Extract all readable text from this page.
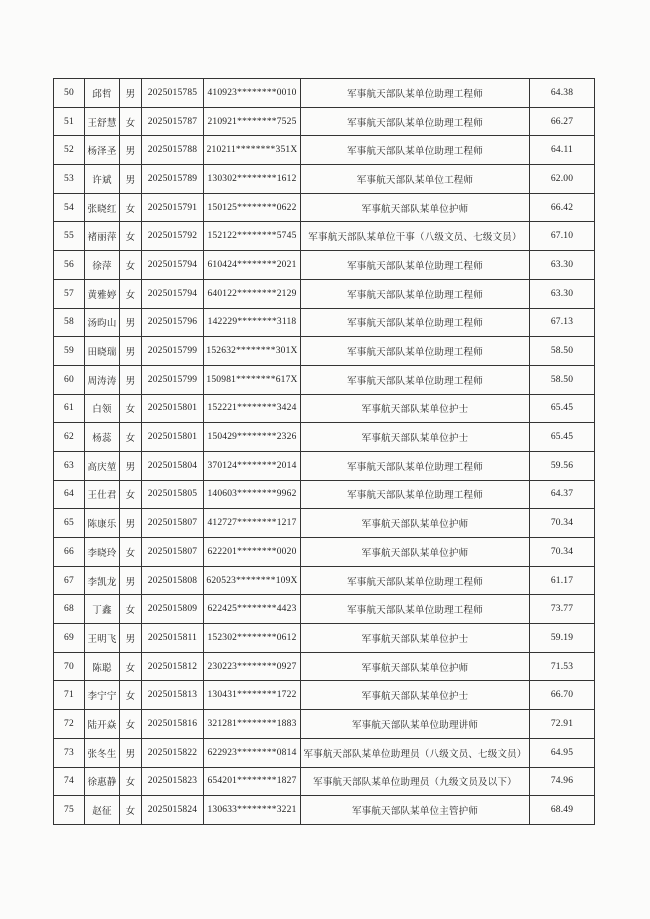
50	邱哲	男	2025015785	410923********0010	军事航天部队某单位助理工程师	64.38
51	王舒慧	女	2025015787	210921********7525	军事航天部队某单位助理工程师	66.27
52	杨泽圣	男	2025015788	210211********351X	军事航天部队某单位助理工程师	64.11
53	许斌	男	2025015789	130302********1612	军事航天部队某单位工程师	62.00
54	张晓红	女	2025015791	150125********0622	军事航天部队某单位护师	66.42
55	褚丽萍	女	2025015792	152122********5745	军事航天部队某单位干事（八级文员、七级文员）	67.10
56	徐萍	女	2025015794	610424********2021	军事航天部队某单位助理工程师	63.30
57	黄雅婷	女	2025015794	640122********2129	军事航天部队某单位助理工程师	63.30
58	汤昀山	男	2025015796	142229********3118	军事航天部队某单位助理工程师	67.13
59	田晓瑞	男	2025015799	152632********301X	军事航天部队某单位助理工程师	58.50
60	周涛涛	男	2025015799	150981********617X	军事航天部队某单位助理工程师	58.50
61	白领	女	2025015801	152221********3424	军事航天部队某单位护士	65.45
62	杨蕊	女	2025015801	150429********2326	军事航天部队某单位护士	65.45
63	高庆堃	男	2025015804	370124********2014	军事航天部队某单位助理工程师	59.56
64	王仕君	女	2025015805	140603********9962	军事航天部队某单位助理工程师	64.37
65	陈康乐	男	2025015807	412727********1217	军事航天部队某单位护师	70.34
66	李晓玲	女	2025015807	622201********0020	军事航天部队某单位护师	70.34
67	李凯龙	男	2025015808	620523********109X	军事航天部队某单位助理工程师	61.17
68	丁鑫	女	2025015809	622425********4423	军事航天部队某单位助理工程师	73.77
69	王明飞	男	2025015811	152302********0612	军事航天部队某单位护士	59.19
70	陈聪	女	2025015812	230223********0927	军事航天部队某单位护师	71.53
71	李宁宁	女	2025015813	130431********1722	军事航天部队某单位护士	66.70
72	陆开焱	女	2025015816	321281********1883	军事航天部队某单位助理讲师	72.91
73	张冬生	男	2025015822	622923********0814	军事航天部队某单位助理员（八级文员、七级文员）	64.95
74	徐惠静	女	2025015823	654201********1827	军事航天部队某单位助理员（九级文员及以下）	74.96
75	赵征	女	2025015824	130633********3221	军事航天部队某单位主管护师	68.49
